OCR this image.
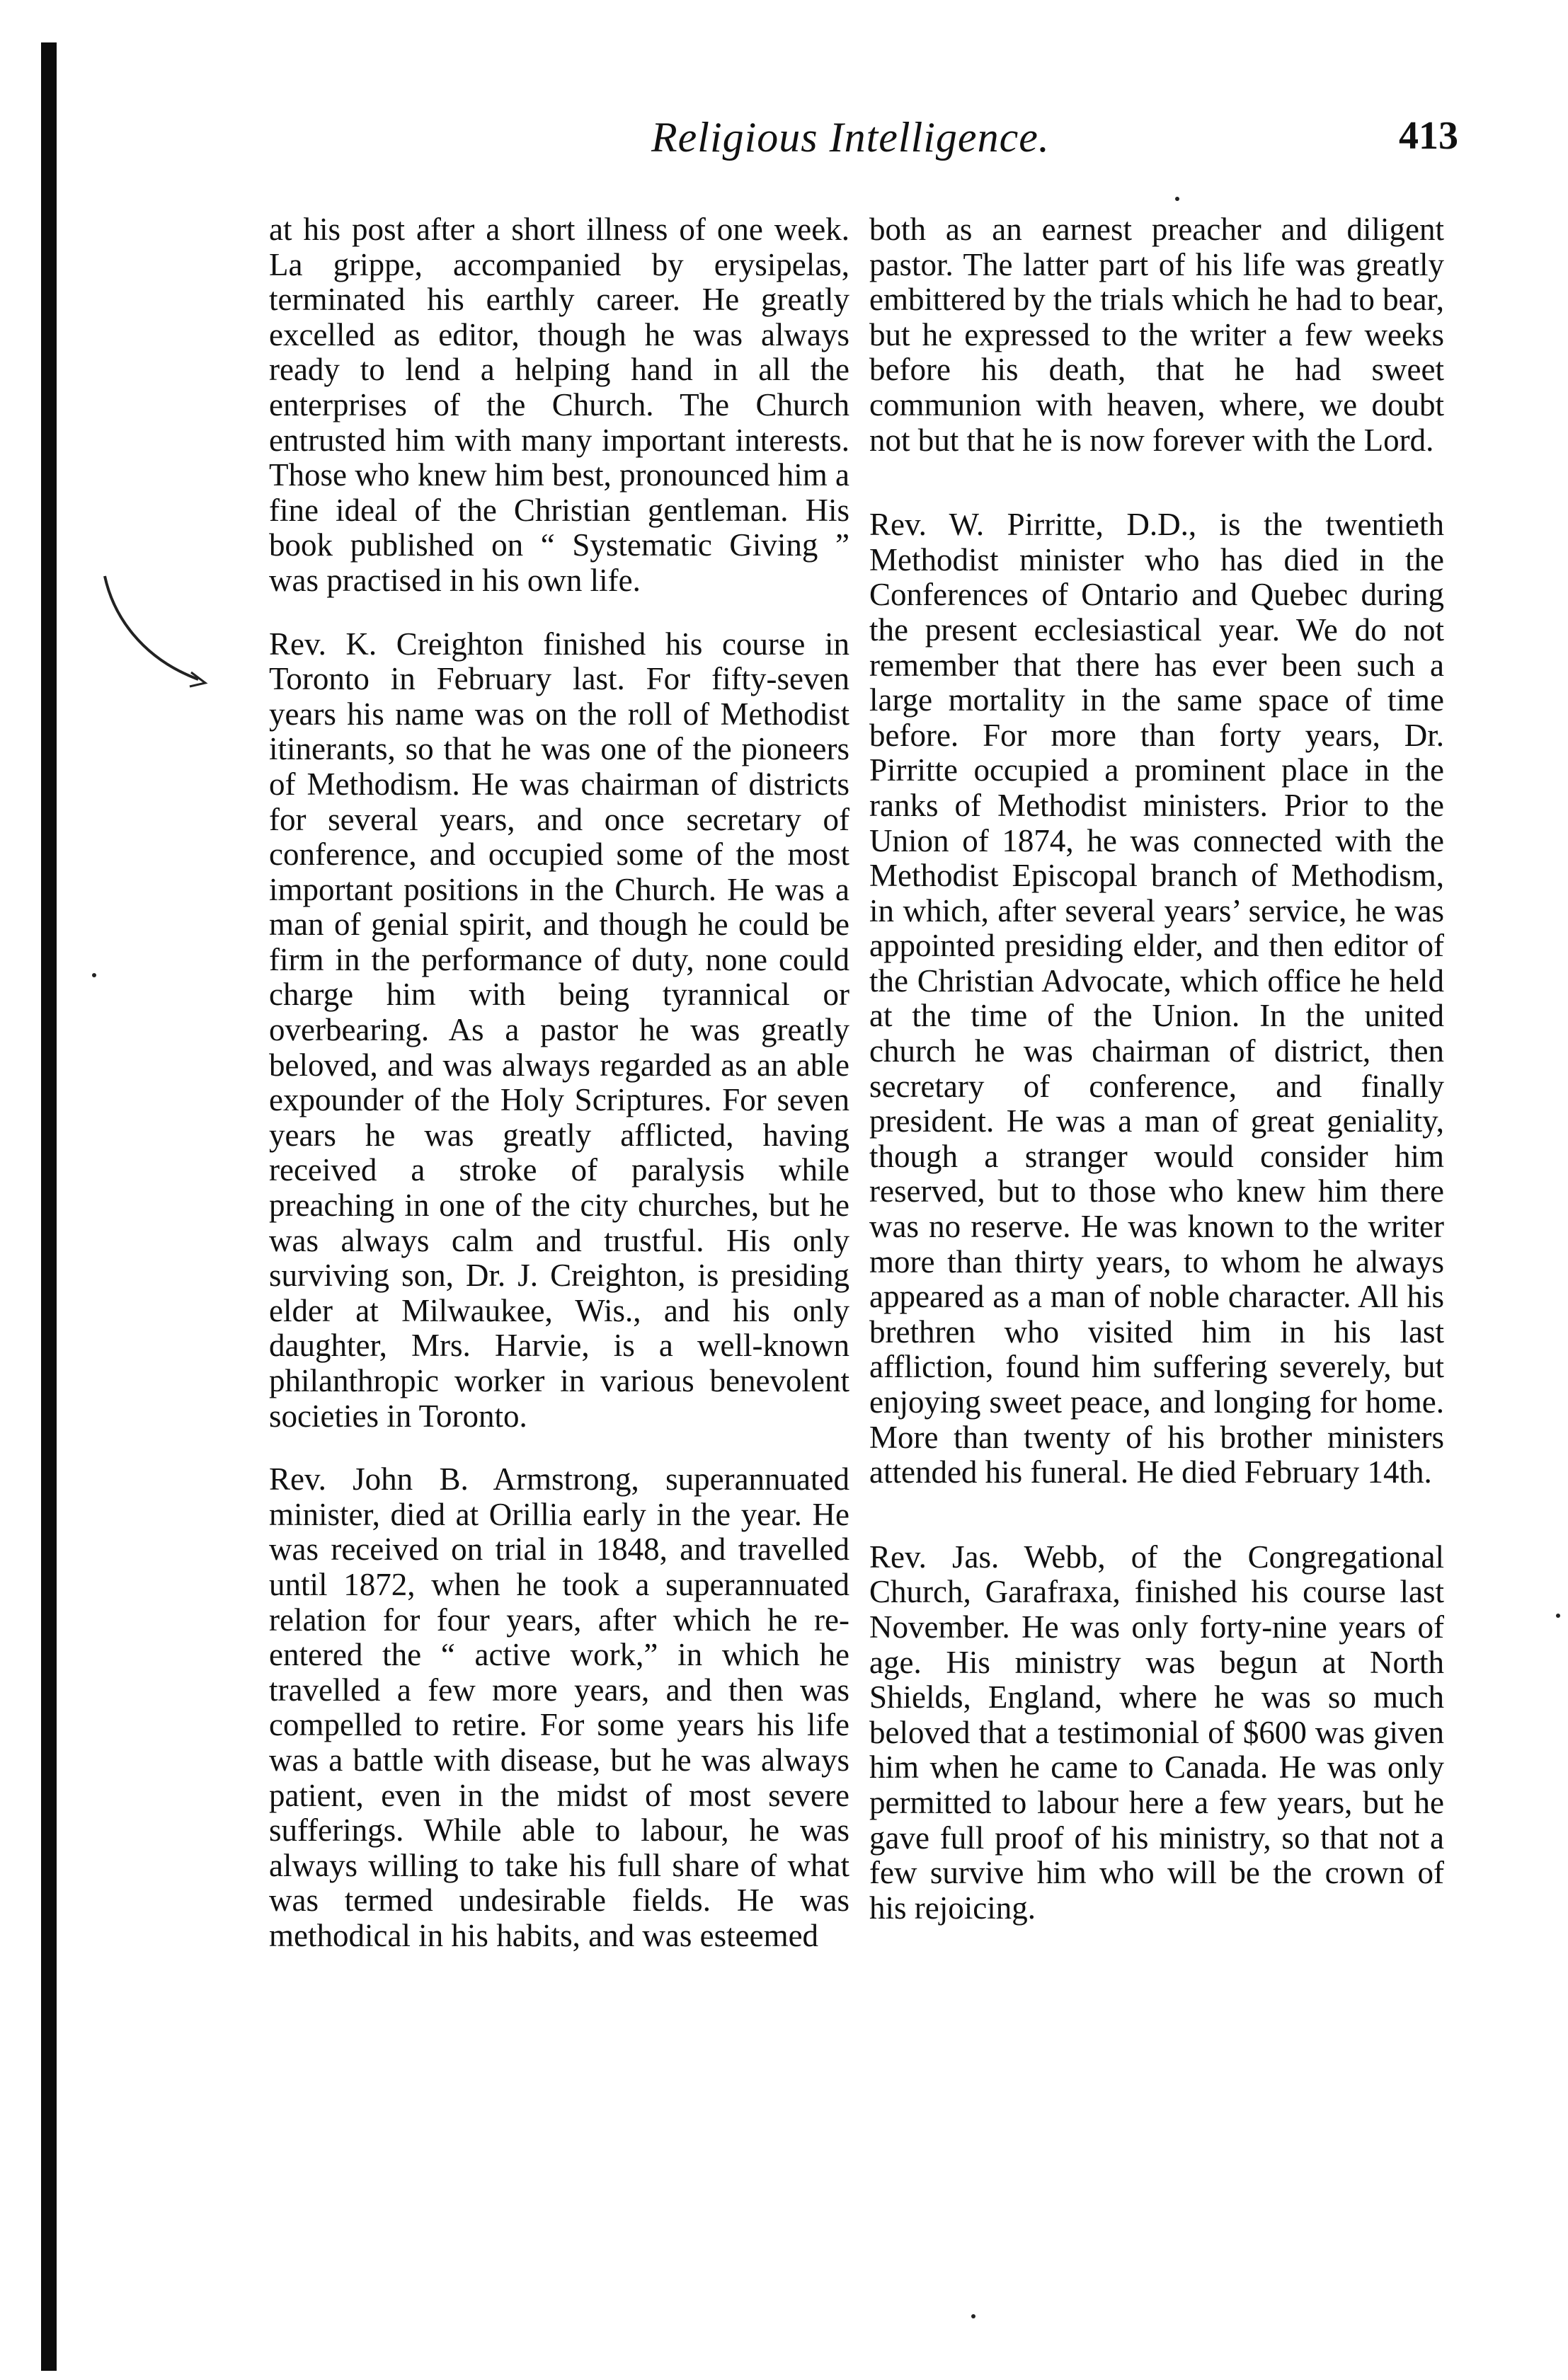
Religious Intelligence.	413

at his post after a short illness of one week. La grippe, accompanied by erysipelas, terminated his earthly career. He greatly excelled as editor, though he was always ready to lend a helping hand in all the enterprises of the Church. The Church entrusted him with many important interests. Those who knew him best, pronounced him a fine ideal of the Christian gentleman. His book published on “ Systematic Giving ” was practised in his own life.

Rev. K. Creighton finished his course in Toronto in February last. For fifty-seven years his name was on the roll of Methodist itinerants, so that he was one of the pioneers of Methodism. He was chairman of districts for several years, and once secretary of conference, and occupied some of the most important positions in the Church. He was a man of genial spirit, and though he could be firm in the performance of duty, none could charge him with being tyrannical or overbearing. As a pastor he was greatly beloved, and was always regarded as an able expounder of the Holy Scriptures. For seven years he was greatly afflicted, having received a stroke of paralysis while preaching in one of the city churches, but he was always calm and trustful. His only surviving son, Dr. J. Creighton, is presiding elder at Milwaukee, Wis., and his only daughter, Mrs. Harvie, is a well-known philanthropic worker in various benevolent societies in Toronto.

Rev. John B. Armstrong, superannuated minister, died at Orillia early in the year. He was received on trial in 1848, and travelled until 1872, when he took a superannuated relation for four years, after which he re-entered the “ active work,” in which he travelled a few more years, and then was compelled to retire. For some years his life was a battle with disease, but he was always patient, even in the midst of most severe sufferings. While able to labour, he was always willing to take his full share of what was termed undesirable fields. He was methodical in his habits, and was esteemed

both as an earnest preacher and diligent pastor. The latter part of his life was greatly embittered by the trials which he had to bear, but he expressed to the writer a few weeks before his death, that he had sweet communion with heaven, where, we doubt not but that he is now forever with the Lord.

Rev. W. Pirritte, D.D., is the twentieth Methodist minister who has died in the Conferences of Ontario and Quebec during the present ecclesiastical year. We do not remember that there has ever been such a large mortality in the same space of time before. For more than forty years, Dr. Pirritte occupied a prominent place in the ranks of Methodist ministers. Prior to the Union of 1874, he was connected with the Methodist Episcopal branch of Methodism, in which, after several years’ service, he was appointed presiding elder, and then editor of the Christian Advocate, which office he held at the time of the Union. In the united church he was chairman of district, then secretary of conference, and finally president. He was a man of great geniality, though a stranger would consider him reserved, but to those who knew him there was no reserve. He was known to the writer more than thirty years, to whom he always appeared as a man of noble character. All his brethren who visited him in his last affliction, found him suffering severely, but enjoying sweet peace, and longing for home. More than twenty of his brother ministers attended his funeral. He died February 14th.

Rev. Jas. Webb, of the Congregational Church, Garafraxa, finished his course last November. He was only forty-nine years of age. His ministry was begun at North Shields, England, where he was so much beloved that a testimonial of $600 was given him when he came to Canada. He was only permitted to labour here a few years, but he gave full proof of his ministry, so that not a few survive him who will be the crown of his rejoicing.
